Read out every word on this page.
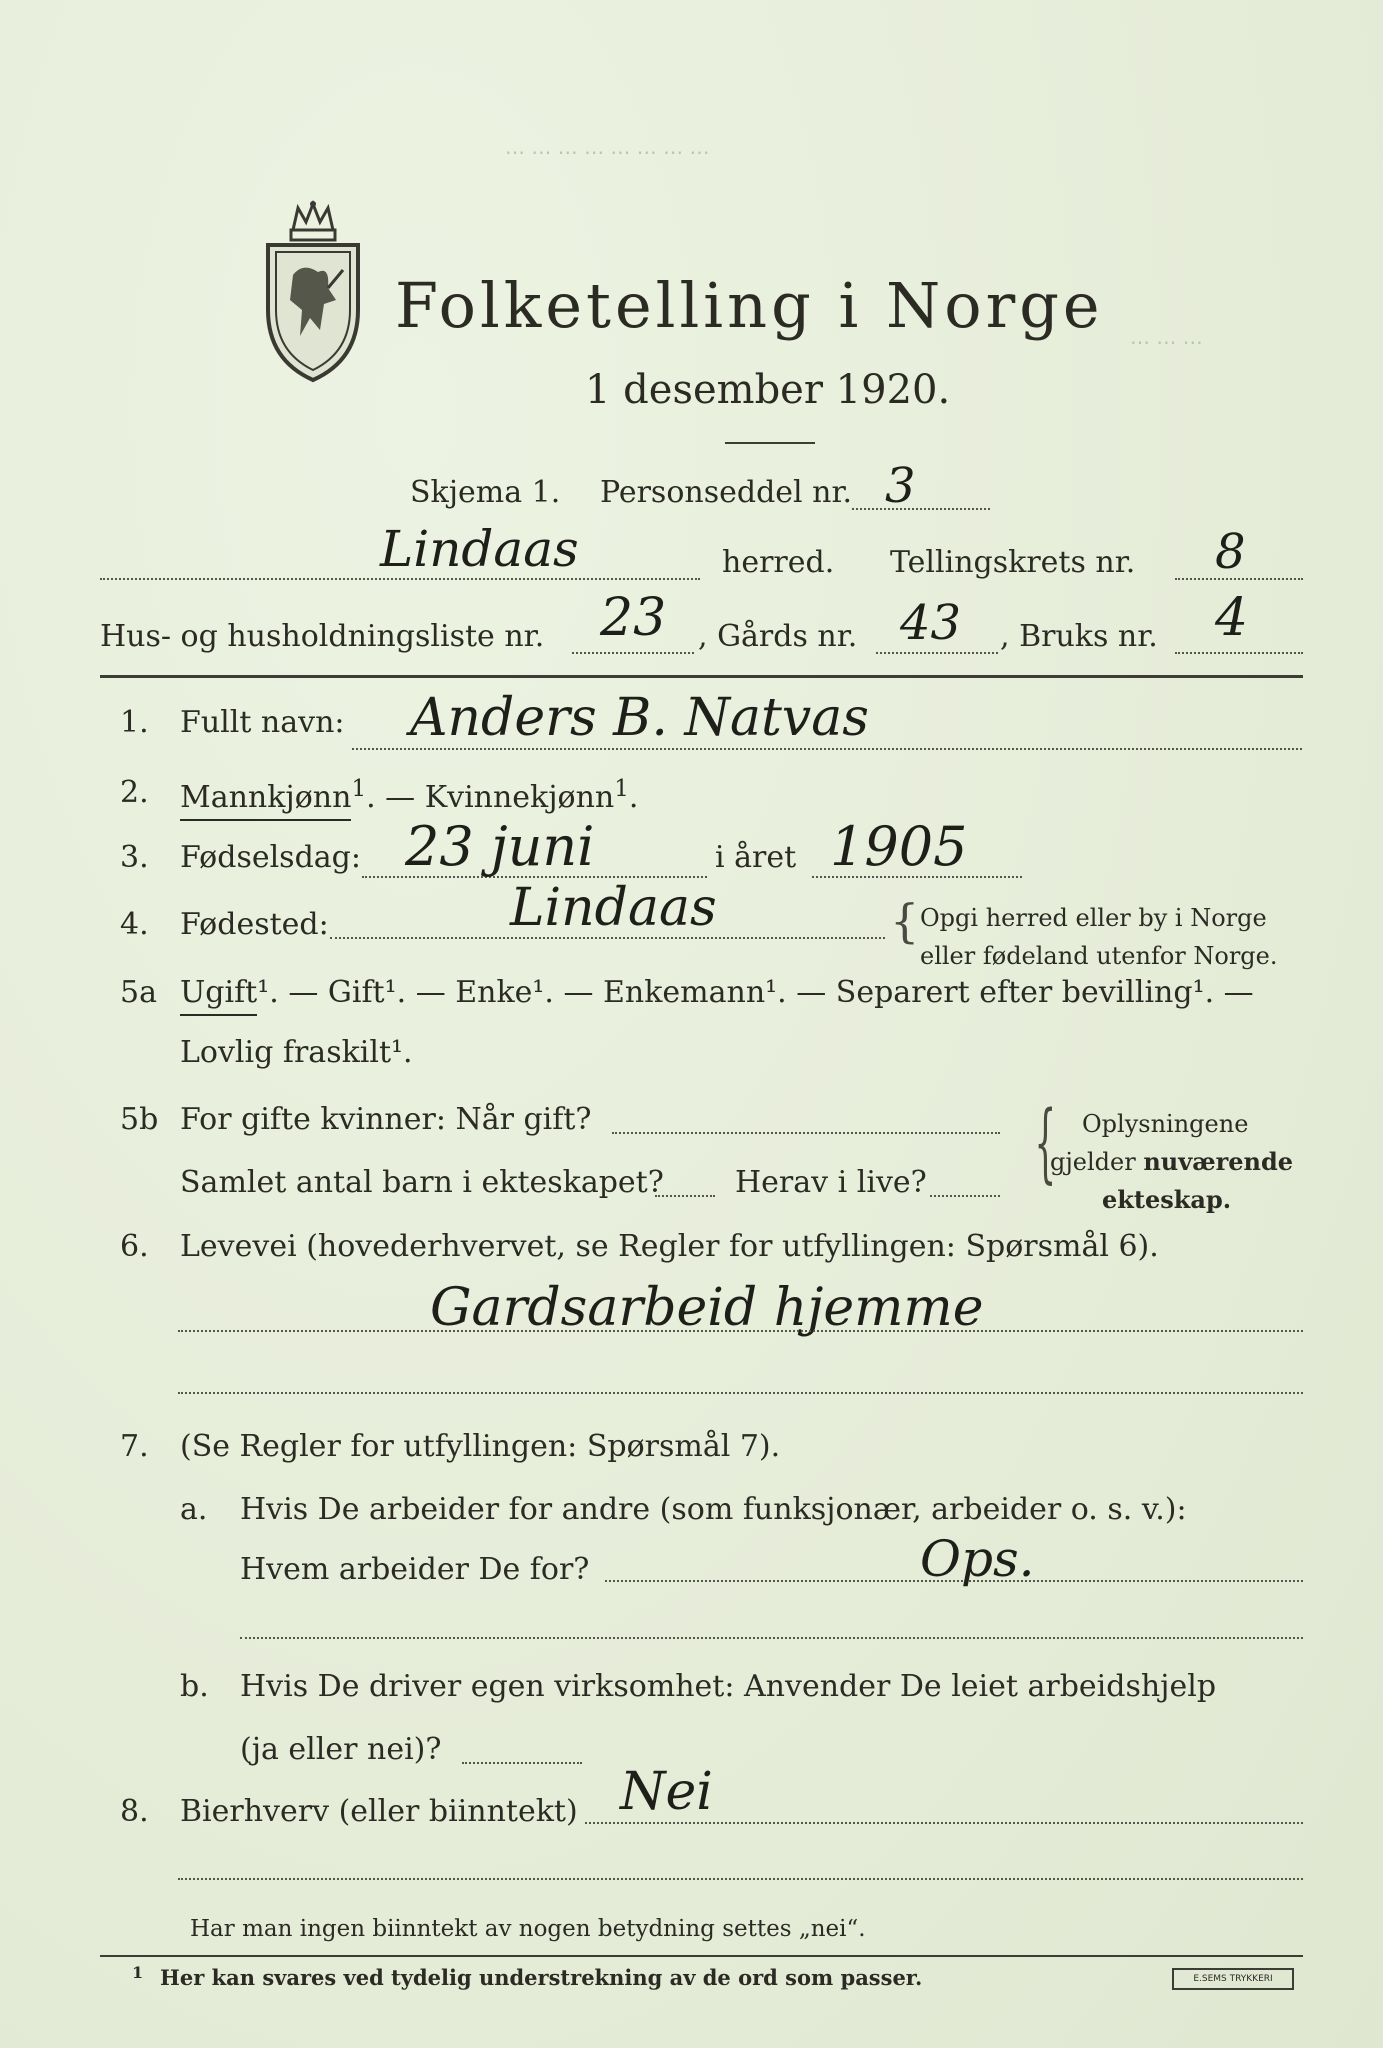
⋯ ⋯ ⋯ ⋯ ⋯ ⋯ ⋯ ⋯
⋯ ⋯ ⋯
Folketelling i Norge
1 desember 1920.
Skjema 1. Personseddel nr. 3
Lindaas	herred. Tellingskrets nr. 8
Hus- og husholdningsliste nr. 23 , Gårds nr. 43 , Bruks nr. 4
1. Fullt navn: Anders B. Natvas
2. Mannkjønn$^1$. — Kvinnekjønn$^1$.
3. Fødselsdag: 23 juni	i året 1905
4. Fødested:	Lindaas	{ Opgi herred eller by i Norge
eller fødeland utenfor Norge.
5a Ugift¹. — Gift¹. — Enke¹. — Enkemann¹. — Separert efter bevilling¹. —
Lovlig fraskilt¹.
5b For gifte kvinner: Når gift?
Samlet antal barn i ekteskapet? Herav i live? { Oplysningene
gjelder nuværende
ekteskap.
6. Levevei (hovederhvervet, se Regler for utfyllingen: Spørsmål 6).
Gardsarbeid hjemme
7. (Se Regler for utfyllingen: Spørsmål 7).
a. Hvis De arbeider for andre (som funksjonær, arbeider o. s. v.):
Hvem arbeider De for?	Ops.
b. Hvis De driver egen virksomhet: Anvender De leiet arbeidshjelp
(ja eller nei)?
8. Bierhverv (eller biinntekt) Nei
Har man ingen biinntekt av nogen betydning settes „nei“.
1 Her kan svares ved tydelig understrekning av de ord som passer.	E.SEMS TRYKKERI
